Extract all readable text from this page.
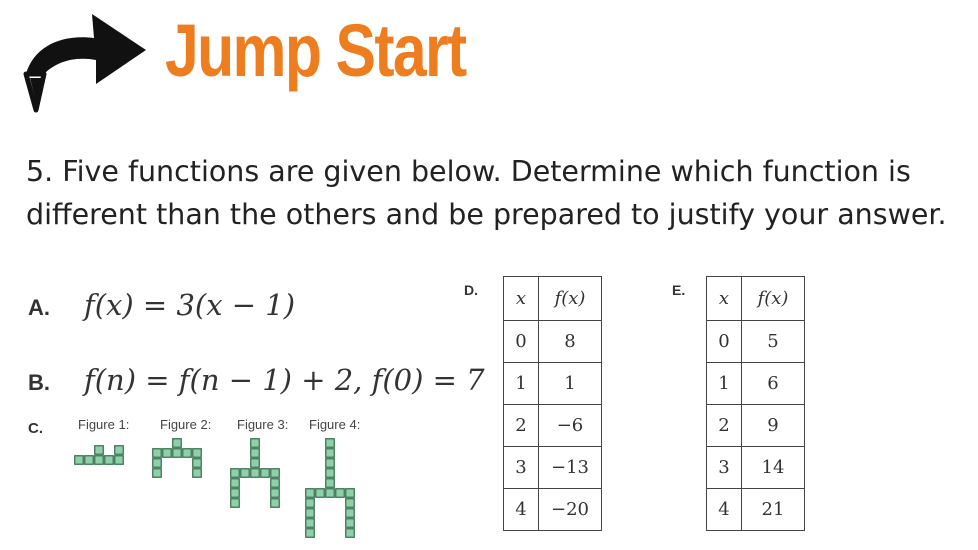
Jump Start
5. Five functions are given below. Determine which function is different than the others and be prepared to justify your answer.
A. f(x) = 3(x − 1)
B. f(n) = f(n − 1) + 2, f(0) = 7
C.	Figure 1: Figure 2: Figure 3: Figure 4:
D. x	f(x)
0	8
1	1
2	−6
3	−13
4	−20
E. x	f(x)
0	5
1	6
2	9
3	14
4	21
